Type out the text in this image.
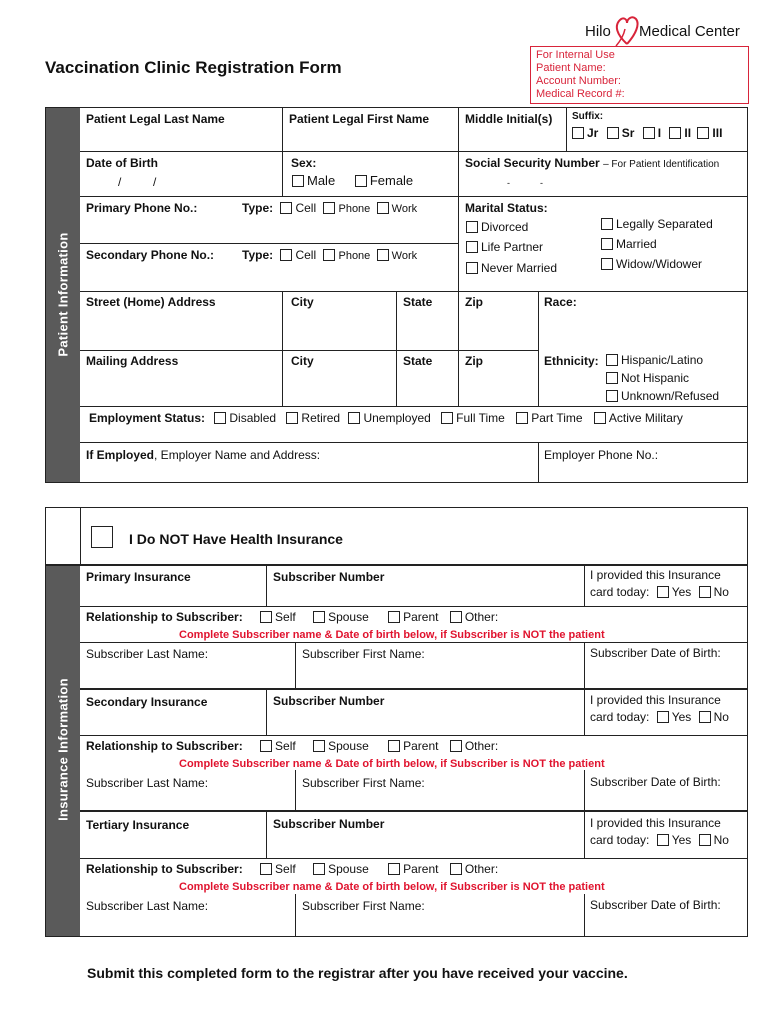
Hilo Medical Center
Vaccination Clinic Registration Form
For Internal Use
Patient Name:
Account Number:
Medical Record #:
Patient Information
Patient Legal Last Name	Patient Legal First Name	Middle Initial(s) Suffix:
Jr Sr I II III
Date of Birth
/	/
Sex:
Male	Female
Social Security Number – For Patient Identification
-	-
Primary Phone No.:	Type: Cell Phone Work
Secondary Phone No.: Type: Cell Phone Work
Marital Status:
Divorced
Life Partner
Never Married
Legally Separated
Married
Widow/Widower
Street (Home) Address	City	State	Zip	Race:
Mailing Address	City	State	Zip	Ethnicity:	Hispanic/Latino
Not Hispanic
Unknown/Refused
Employment Status: Disabled Retired Unemployed Full Time Part Time Active Military
If Employed, Employer Name and Address:	Employer Phone No.:
Insurance Information
I Do NOT Have Health Insurance
Primary Insurance	Subscriber Number	I provided this Insurance
card today: Yes No
Relationship to Subscriber:	Self	Spouse	Parent Other:
Complete Subscriber name & Date of birth below, if Subscriber is NOT the patient
Subscriber Last Name:	Subscriber First Name:	Subscriber Date of Birth:
Secondary Insurance	Subscriber Number	I provided this Insurance
card today: Yes No
Relationship to Subscriber:	Self	Spouse	Parent Other:
Complete Subscriber name & Date of birth below, if Subscriber is NOT the patient
Subscriber Last Name:	Subscriber First Name:	Subscriber Date of Birth:
Tertiary Insurance	Subscriber Number	I provided this Insurance
card today: Yes No
Relationship to Subscriber:	Self	Spouse	Parent Other:
Complete Subscriber name & Date of birth below, if Subscriber is NOT the patient
Subscriber Last Name:	Subscriber First Name:	Subscriber Date of Birth:
Submit this completed form to the registrar after you have received your vaccine.
